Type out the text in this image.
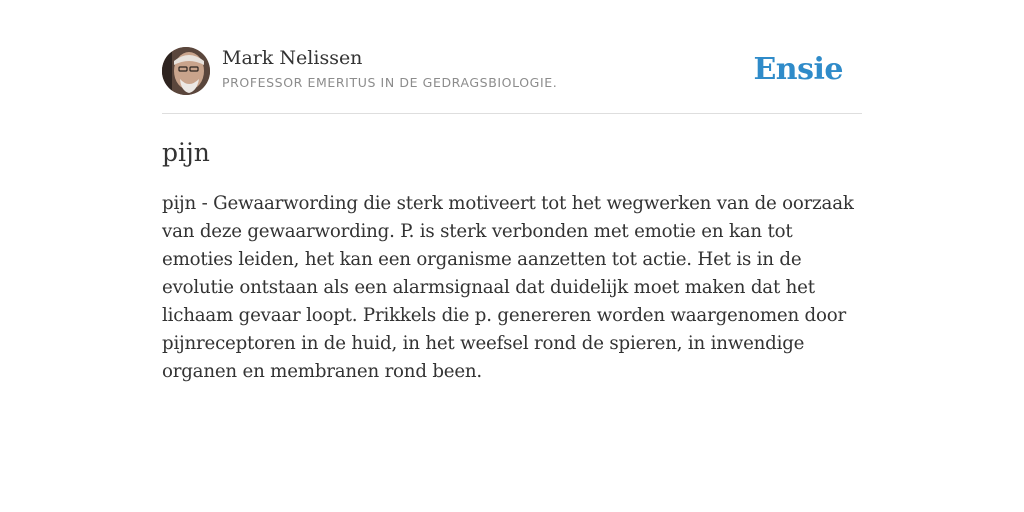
Mark Nelissen
PROFESSOR EMERITUS IN DE GEDRAGSBIOLOGIE.	Ensie
pijn

pijn - Gewaarwording die sterk motiveert tot het wegwerken van de oorzaak van deze gewaarwording. P. is sterk verbonden met emotie en kan tot emoties leiden, het kan een organisme aanzetten tot actie. Het is in de evolutie ontstaan als een alarmsignaal dat duidelijk moet maken dat het lichaam gevaar loopt. Prikkels die p. genereren worden waargenomen door pijnreceptoren in de huid, in het weefsel rond de spieren, in inwendige organen en membranen rond been.
